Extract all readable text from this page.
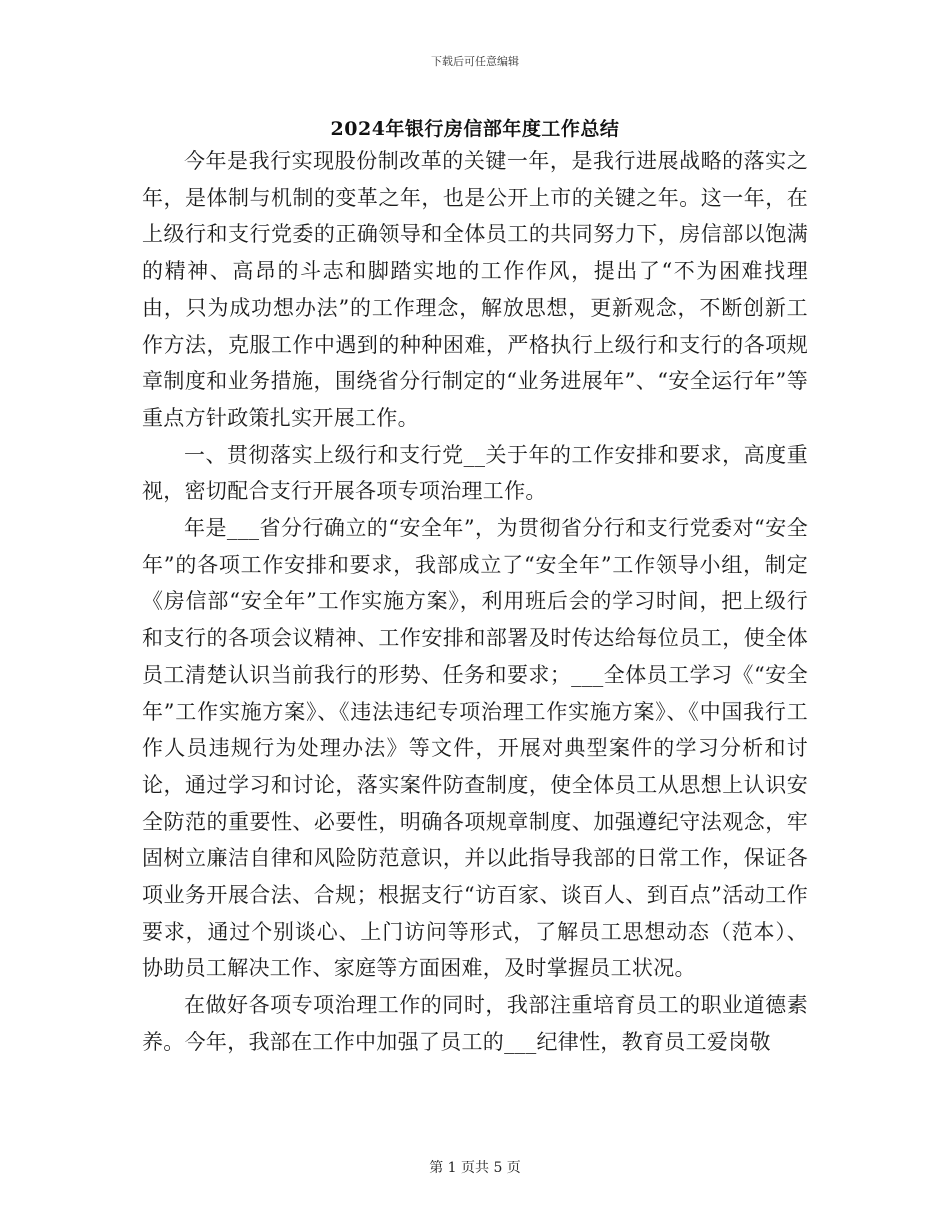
下载后可任意编辑
2024年银行房信部年度工作总结

今年是我行实现股份制改革的关键一年，是我行进展战略的落实之年，是体制与机制的变革之年，也是公开上市的关键之年。这一年，在上级行和支行党委的正确领导和全体员工的共同努力下，房信部以饱满的精神、高昂的斗志和脚踏实地的工作作风，提出了“不为困难找理由，只为成功想办法”的工作理念，解放思想，更新观念，不断创新工作方法，克服工作中遇到的种种困难，严格执行上级行和支行的各项规章制度和业务措施，围绕省分行制定的“业务进展年”、“安全运行年”等重点方针政策扎实开展工作。

一、贯彻落实上级行和支行党__关于年的工作安排和要求，高度重视，密切配合支行开展各项专项治理工作。

年是___省分行确立的“安全年”，为贯彻省分行和支行党委对“安全年”的各项工作安排和要求，我部成立了“安全年”工作领导小组，制定《房信部“安全年”工作实施方案》，利用班后会的学习时间，把上级行和支行的各项会议精神、工作安排和部署及时传达给每位员工，使全体员工清楚认识当前我行的形势、任务和要求；___全体员工学习《“安全年”工作实施方案》、《违法违纪专项治理工作实施方案》、《中国我行工作人员违规行为处理办法》等文件，开展对典型案件的学习分析和讨论，通过学习和讨论，落实案件防查制度，使全体员工从思想上认识安全防范的重要性、必要性，明确各项规章制度、加强遵纪守法观念，牢固树立廉洁自律和风险防范意识，并以此指导我部的日常工作，保证各项业务开展合法、合规；根据支行“访百家、谈百人、到百点”活动工作要求，通过个别谈心、上门访问等形式，了解员工思想动态（范本）、协助员工解决工作、家庭等方面困难，及时掌握员工状况。

在做好各项专项治理工作的同时，我部注重培育员工的职业道德素养。今年，我部在工作中加强了员工的___纪律性，教育员工爱岗敬

第 1 页共 5 页
